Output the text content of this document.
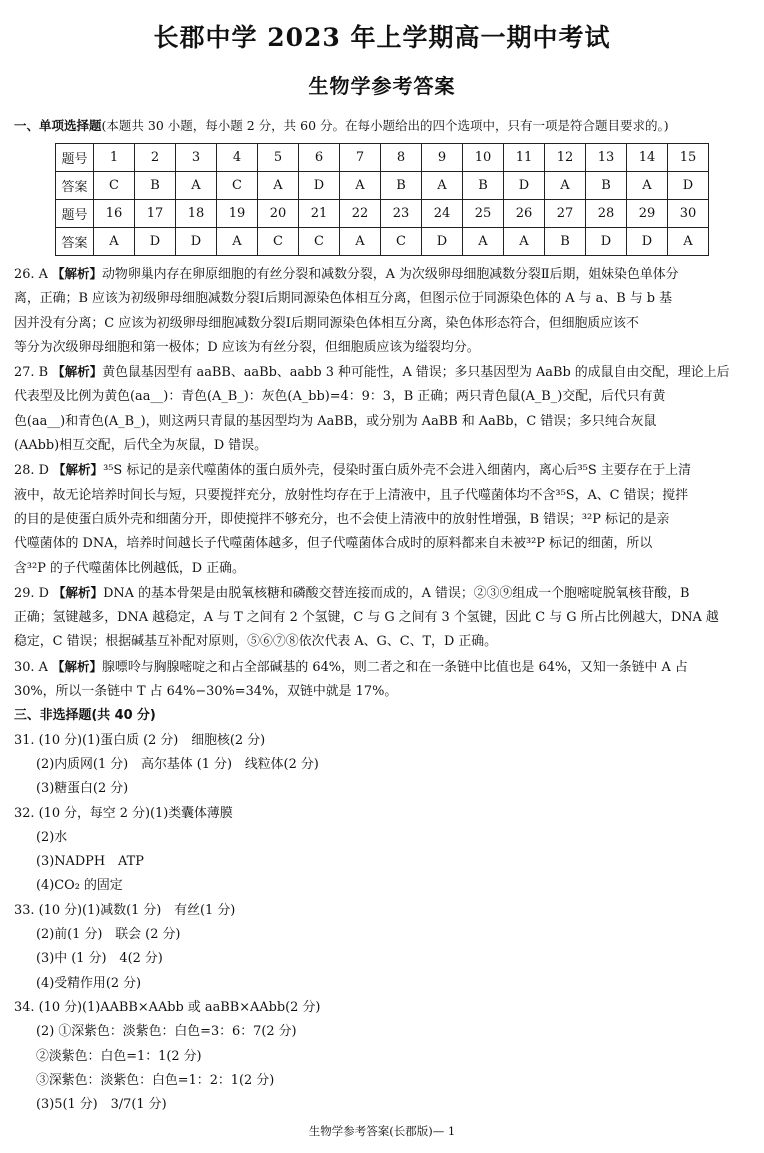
长郡中学 2023 年上学期高一期中考试
生物学参考答案
一、单项选择题(本题共 30 小题，每小题 2 分，共 60 分。在每小题给出的四个选项中，只有一项是符合题目要求的。)
题号	1	2	3	4	5	6	7	8	9	10	11	12	13	14	15
答案	C	B	A	C	A	D	A	B	A	B	D	A	B	A	D
题号	16	17	18	19	20	21	22	23	24	25	26	27	28	29	30
答案	A	D	D	A	C	C	A	C	D	A	A	B	D	D	A
26. A 【解析】动物卵巢内存在卵原细胞的有丝分裂和减数分裂，A 为次级卵母细胞减数分裂Ⅱ后期，姐妹染色单体分
离，正确；B 应该为初级卵母细胞减数分裂Ⅰ后期同源染色体相互分离，但图示位于同源染色体的 A 与 a、B 与 b 基
因并没有分离；C 应该为初级卵母细胞减数分裂Ⅰ后期同源染色体相互分离，染色体形态符合，但细胞质应该不
等分为次级卵母细胞和第一极体；D 应该为有丝分裂，但细胞质应该为缢裂均分。
27. B 【解析】黄色鼠基因型有 aaBB、aaBb、aabb 3 种可能性，A 错误；多只基因型为 AaBb 的成鼠自由交配，理论上后
代表型及比例为黄色(aa__)：青色(A_B_)：灰色(A_bb)=4：9：3，B 正确；两只青色鼠(A_B_)交配，后代只有黄
色(aa__)和青色(A_B_)，则这两只青鼠的基因型均为 AaBB，或分别为 AaBB 和 AaBb，C 错误；多只纯合灰鼠
(AAbb)相互交配，后代全为灰鼠，D 错误。
28. D 【解析】³⁵S 标记的是亲代噬菌体的蛋白质外壳，侵染时蛋白质外壳不会进入细菌内，离心后³⁵S 主要存在于上清
液中，故无论培养时间长与短，只要搅拌充分，放射性均存在于上清液中，且子代噬菌体均不含³⁵S，A、C 错误；搅拌
的目的是使蛋白质外壳和细菌分开，即使搅拌不够充分，也不会使上清液中的放射性增强，B 错误；³²P 标记的是亲
代噬菌体的 DNA，培养时间越长子代噬菌体越多，但子代噬菌体合成时的原料都来自未被³²P 标记的细菌，所以
含³²P 的子代噬菌体比例越低，D 正确。
29. D 【解析】DNA 的基本骨架是由脱氧核糖和磷酸交替连接而成的，A 错误；②③⑨组成一个胞嘧啶脱氧核苷酸，B
正确；氢键越多，DNA 越稳定，A 与 T 之间有 2 个氢键，C 与 G 之间有 3 个氢键，因此 C 与 G 所占比例越大，DNA 越
稳定，C 错误；根据碱基互补配对原则，⑤⑥⑦⑧依次代表 A、G、C、T，D 正确。
30. A 【解析】腺嘌呤与胸腺嘧啶之和占全部碱基的 64%，则二者之和在一条链中比值也是 64%，又知一条链中 A 占
30%，所以一条链中 T 占 64%−30%=34%，双链中就是 17%。
三、非选择题(共 40 分)
31. (10 分)(1)蛋白质 (2 分)　细胞核(2 分)
(2)内质网(1 分)　高尔基体 (1 分)　线粒体(2 分)
(3)糖蛋白(2 分)
32. (10 分，每空 2 分)(1)类囊体薄膜
(2)水
(3)NADPH　ATP
(4)CO₂ 的固定
33. (10 分)(1)减数(1 分)　有丝(1 分)
(2)前(1 分)　联会 (2 分)
(3)中 (1 分)　4(2 分)
(4)受精作用(2 分)
34. (10 分)(1)AABB×AAbb 或 aaBB×AAbb(2 分)
(2) ①深紫色：淡紫色：白色=3：6：7(2 分)
②淡紫色：白色=1：1(2 分)
③深紫色：淡紫色：白色=1：2：1(2 分)
(3)5(1 分)　3/7(1 分)
生物学参考答案(长郡版)— 1
